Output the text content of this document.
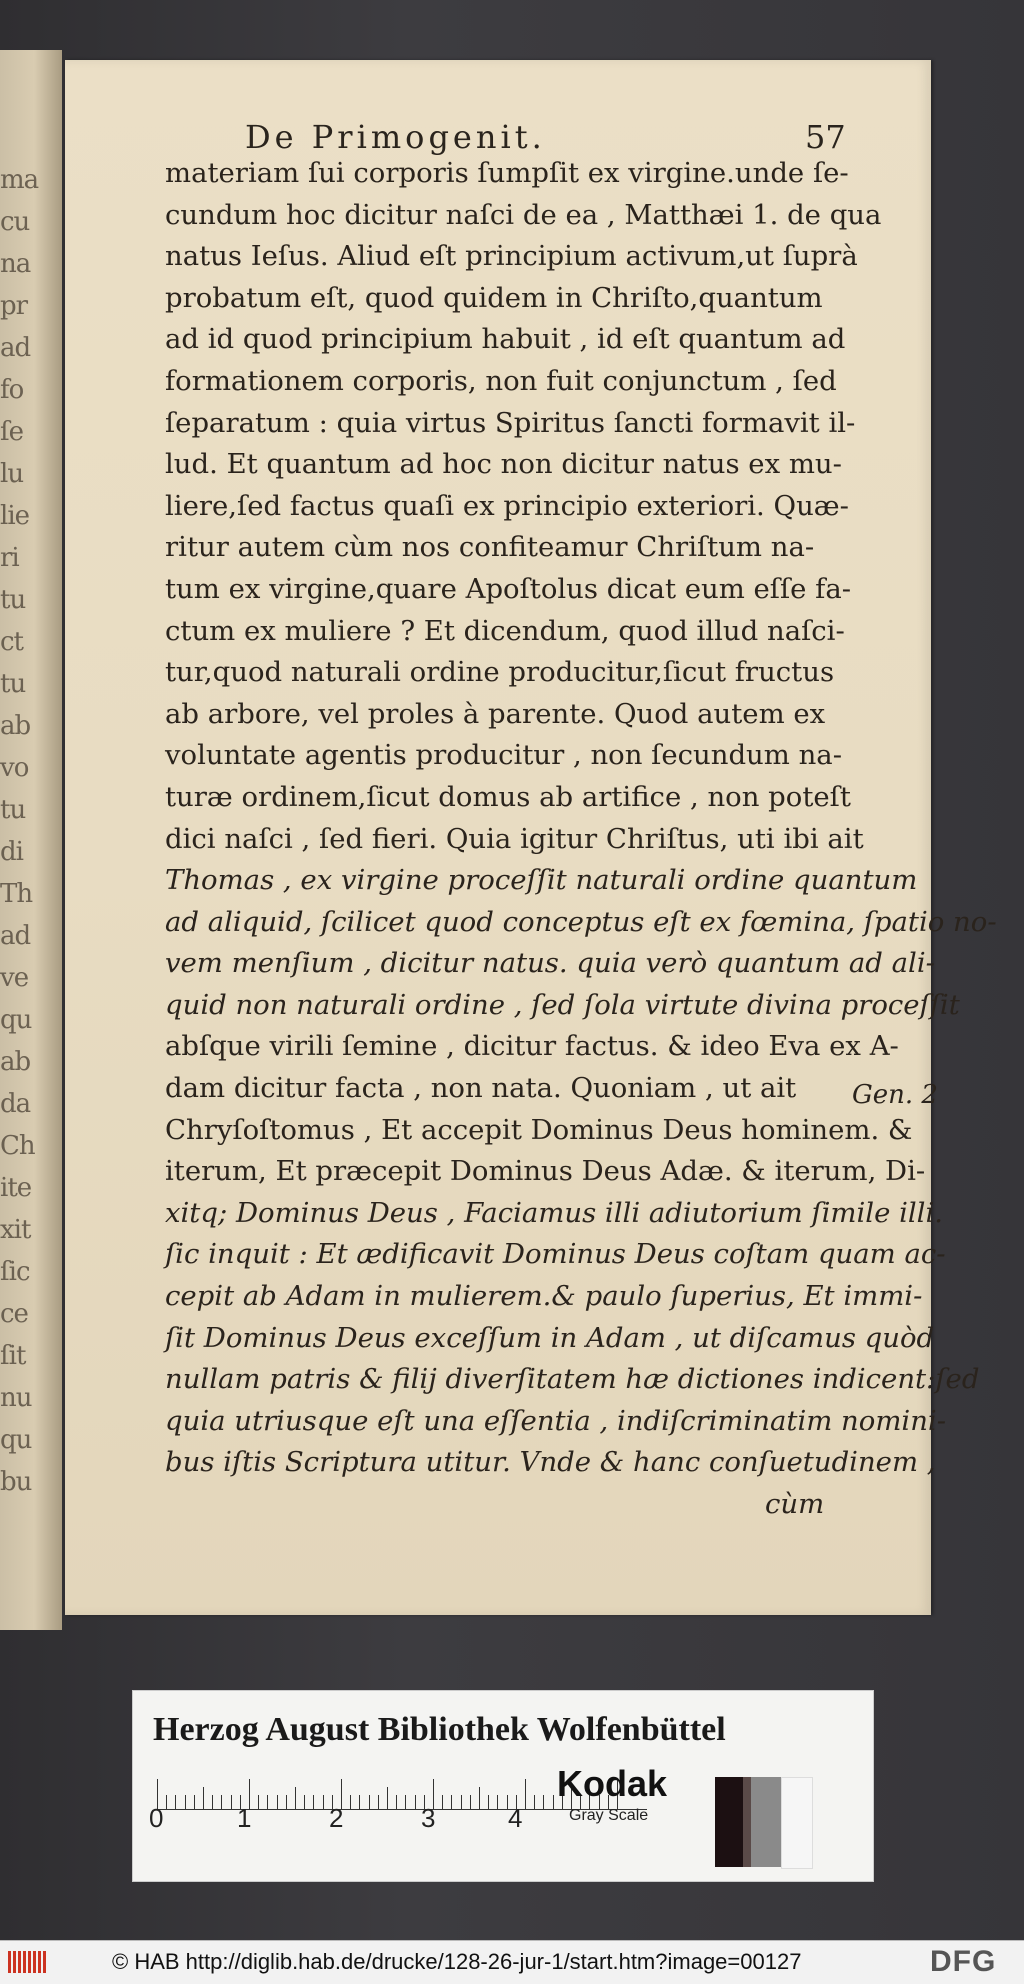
ma
cu
na
pr
ad
fo
ſe
lu
lie
ri
tu
ct
tu
ab
vo
tu
di
Th
ad
ve
qu
ab
da
Ch
ite
xit
ſic
ce
ſit
nu
qu
bu
De Primogenit.	57
materiam ſui corporis ſumpſit ex virgine.unde ſe-
cundum hoc dicitur naſci de ea , Matthæi 1. de qua
natus Ieſus. Aliud eſt principium activum,ut ſuprà
probatum eſt, quod quidem in Chriſto,quantum
ad id quod principium habuit , id eſt quantum ad
formationem corporis, non fuit conjunctum , ſed
ſeparatum : quia virtus Spiritus ſancti formavit il-
lud. Et quantum ad hoc non dicitur natus ex mu-
liere,ſed factus quaſi ex principio exteriori. Quæ-
ritur autem cùm nos confiteamur Chriſtum na-
tum ex virgine,quare Apoſtolus dicat eum eſſe fa-
ctum ex muliere ? Et dicendum, quod illud naſci-
tur,quod naturali ordine producitur,ſicut fructus
ab arbore, vel proles à parente. Quod autem ex
voluntate agentis producitur , non ſecundum na-
turæ ordinem,ſicut domus ab artifice , non poteſt
dici naſci , ſed fieri. Quia igitur Chriſtus, uti ibi ait
Thomas , ex virgine proceſſit naturali ordine quantum
ad aliquid, ſcilicet quod conceptus eſt ex fœmina, ſpatio no-
vem menſium , dicitur natus. quia verò quantum ad ali-
quid non naturali ordine , ſed ſola virtute divina proceſſit
abſque virili ſemine , dicitur factus. & ideo Eva ex A-
dam dicitur facta , non nata. Quoniam , ut ait
Chryſoſtomus , Et accepit Dominus Deus hominem. &
iterum, Et præcepit Dominus Deus Adæ. & iterum, Di-
xitq; Dominus Deus , Faciamus illi adiutorium ſimile illi.
ſic inquit : Et ædificavit Dominus Deus coſtam quam ac-
cepit ab Adam in mulierem.& paulo ſuperius, Et immi-
ſit Dominus Deus exceſſum in Adam , ut diſcamus quòd
nullam patris & filij diverſitatem hæ dictiones indicent:ſed
quia utriusque eſt una eſſentia , indiſcriminatim nomini-
bus iſtis Scriptura utitur. Vnde & hanc conſuetudinem ,
cùm
Gen. 2
Herzog August Bibliothek Wolfenbüttel
0	1	2	3	4
Kodak
Gray Scale
© HAB http://diglib.hab.de/drucke/128-26-jur-1/start.htm?image=00127	DFG
